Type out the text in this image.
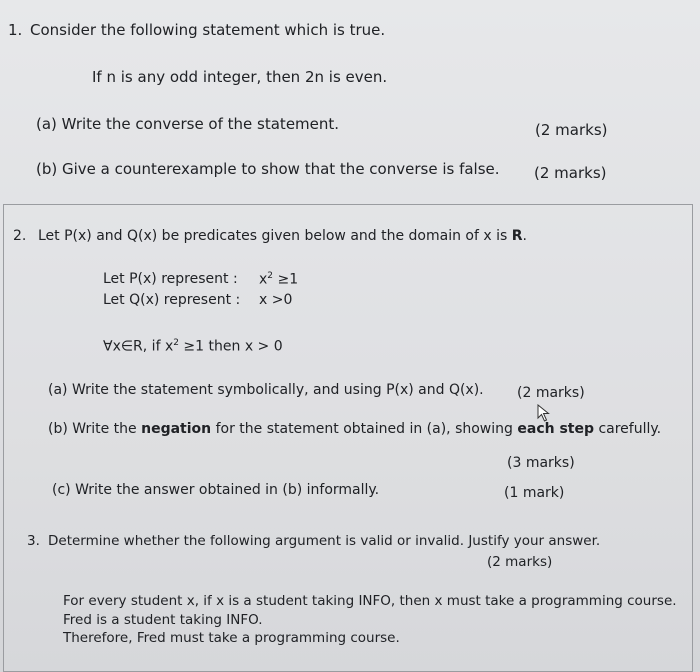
1. Consider the following statement which is true.
If n is any odd integer, then 2n is even.
(a) Write the converse of the statement.	(2 marks)
(b) Give a counterexample to show that the converse is false. (2 marks)
2. Let P(x) and Q(x) be predicates given below and the domain of x is R.
Let P(x) represent : $x^2 \ge 1$
Let Q(x) represent : x >0
∀x∈R, if $x^2 \ge 1$ then x > 0
(a) Write the statement symbolically, and using P(x) and Q(x). (2 marks)
(b) Write the negation for the statement obtained in (a), showing each step carefully.
(3 marks)
(c) Write the answer obtained in (b) informally.	(1 mark)
3. Determine whether the following argument is valid or invalid. Justify your answer.
(2 marks)
For every student x, if x is a student taking INFO, then x must take a programming course.
Fred is a student taking INFO.
Therefore, Fred must take a programming course.
